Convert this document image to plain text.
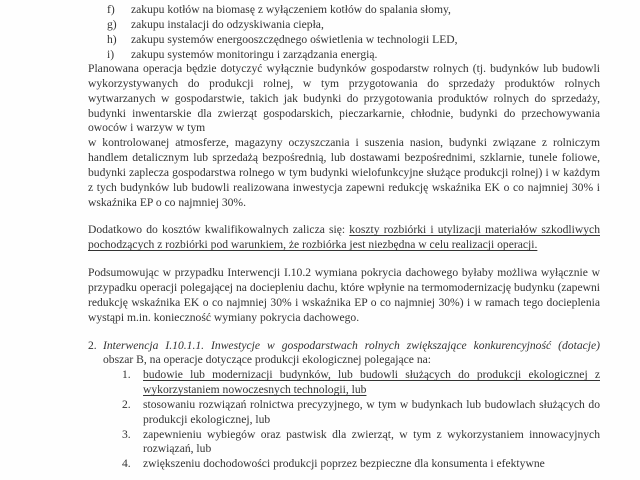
f)	zakupu kotłów na biomasę z wyłączeniem kotłów do spalania słomy,
g)	zakupu instalacji do odzyskiwania ciepła,
h)	zakupu systemów energooszczędnego oświetlenia w technologii LED,
i)	zakupu systemów monitoringu i zarządzania energią.

Planowana operacja będzie dotyczyć wyłącznie budynków gospodarstw rolnych (tj. budynków lub budowli wykorzystywanych do produkcji rolnej, w tym przygotowania do sprzedaży produktów rolnych wytwarzanych w gospodarstwie, takich jak budynki do przygotowania produktów rolnych do sprzedaży, budynki inwentarskie dla zwierząt gospodarskich, pieczarkarnie, chłodnie, budynki do przechowywania owoców i warzyw w tym

w kontrolowanej atmosferze, magazyny oczyszczania i suszenia nasion, budynki związane z rolniczym handlem detalicznym lub sprzedażą bezpośrednią, lub dostawami bezpośrednimi, szklarnie, tunele foliowe, budynki zaplecza gospodarstwa rolnego w tym budynki wielofunkcyjne służące produkcji rolnej) i w każdym z tych budynków lub budowli realizowana inwestycja zapewni redukcję wskaźnika EK o co najmniej 30% i wskaźnika EP o co najmniej 30%.

Dodatkowo do kosztów kwalifikowalnych zalicza się: koszty rozbiórki i utylizacji materiałów szkodliwych pochodzących z rozbiórki pod warunkiem, że rozbiórka jest niezbędna w celu realizacji operacji.

Podsumowując w przypadku Interwencji I.10.2 wymiana pokrycia dachowego byłaby możliwa wyłącznie w przypadku operacji polegającej na dociepleniu dachu, które wpłynie na termomodernizację budynku (zapewni redukcję wskaźnika EK o co najmniej 30% i wskaźnika EP o co najmniej 30%) i w ramach tego docieplenia wystąpi m.in. konieczność wymiany pokrycia dachowego.

2. Interwencja I.10.1.1. Inwestycje w gospodarstwach rolnych zwiększające konkurencyjność (dotacje) obszar B, na operacje dotyczące produkcji ekologicznej polegające na:

1.	budowie lub modernizacji budynków, lub budowli służących do produkcji ekologicznej z wykorzystaniem nowoczesnych technologii, lub
2.	stosowaniu rozwiązań rolnictwa precyzyjnego, w tym w budynkach lub budowlach służących do produkcji ekologicznej, lub
3.	zapewnieniu wybiegów oraz pastwisk dla zwierząt, w tym z wykorzystaniem innowacyjnych rozwiązań, lub
4.	zwiększeniu dochodowości produkcji poprzez bezpieczne dla konsumenta i efektywne
